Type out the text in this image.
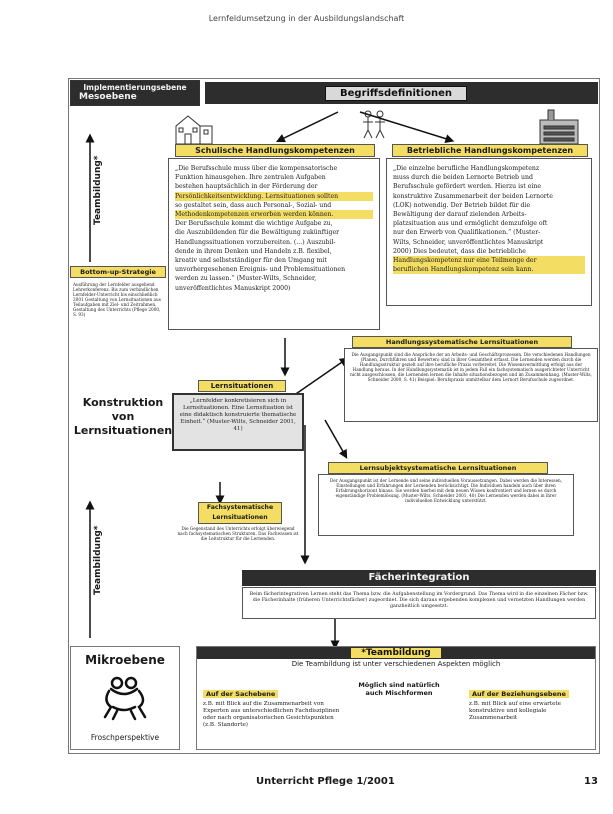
Lernfeldumsetzung in der Ausbildungslandschaft
Implementierungsebene
Mesoebene	Begriffsdefinitionen
Teambildung*
Schulische Handlungskompetenzen
„Die Berufsschule muss über die kompensatorische
Funktion hinausgehen. Ihre zentralen Aufgaben
bestehen hauptsächlich in der Förderung der
Persönlichkeitsentwicklung. Lernsituationen sollten
so gestaltet sein, dass auch Personal-, Sozial- und
Methodenkompetenzen erworben werden können.
Der Berufsschule kommt die wichtige Aufgabe zu,
die Auszubildenden für die Bewältigung zukünftiger
Handlungssituationen vorzubereiten. (...) Auszubil-
dende in ihrem Denken und Handeln z.B. flexibel,
kreativ und selbstständiger für den Umgang mit
unvorhergesehenen Ereignis- und Problemsituationen
werden zu lassen.“ (Muster-Wilts, Schneider,
unveröffentlichtes Manuskript 2000)
Betriebliche Handlungskompetenzen
„Die einzelne berufliche Handlungskompetenz
muss durch die beiden Lernorte Betrieb und
Berufsschule gefördert werden. Hierzu ist eine
konstruktive Zusammenarbeit der beiden Lernorte
(LOK) notwendig. Der Betrieb bildet für die
Bewältigung der darauf zielenden Arbeits-
platzsituation aus und ermöglicht demzufolge oft
nur den Erwerb von Qualifikationen.“ (Muster-
Wilts, Schneider, unveröffentlichtes Manuskript
2000) Dies bedeutet, dass die betriebliche
Handlungskompetenz nur eine Teilmenge der
beruflichen Handlungskompetenz sein kann.
Bottom-up-Strategie
Ausführung der Lernfelder ausgehend Lehrerkonferenz. Bis zum verbindlichen Lernfelder-Unterricht bis einschließlich 2001 Gestaltung von Lernsituationen aus Teilaufgaben mit Ziel- und Zeitrahmen, Gestaltung des Unterrichts (Pflege 2000, S. 93)
Konstruktion
von
Lernsituationen
Handlungssystematische Lernsituationen
Die Ausgangspunkt sind die Ansprüche der an Arbeits- und Geschäftsprozessen. Die verschiedenen Handlungen (Planen, Durchführen und Bewerten) sind in ihrer Gesamtheit erfasst. Die Lernenden werden durch die Handlungsstruktur gezielt auf ihre berufliche Praxis vorbereitet. Die Wissensvermittlung erfolgt aus der Handlung heraus. In der Handlungssystematik ist in jedem Fall ein fachsystematisch ausgerichteter Unterricht nicht ausgeschlossen, die Lernenden lernen die Inhalte situationsbezogen und im Zusammenhang. (Muster-Wilts, Schneider 2000, S. 41) Beispiel: Berufspraxis unmittelbar dem Lernort Berufsschule zugeordnet.
Lernsituationen
„Lernfelder konkretisieren sich in Lernsituationen. Eine Lernsituation ist eine didaktisch konstruierte thematische Einheit.“ (Muster-Wilts, Schneider 2001, 41)
Lernsubjektsystematische Lernsituationen
Der Ausgangspunkt ist der Lernende und seine individuellen Voraussetzungen. Dabei werden die Interessen, Einstellungen und Erfahrungen der Lernenden berücksichtigt. Die Individuen handeln auch über ihren Erfahrungshorizont hinaus. Sie werden hierbei mit dem neuen Wissen konfrontiert und lernen es durch eigenständige Problemlösung. (Muster-Wilts, Schneider 2001, 40) Die Lernenden werden dabei in ihrer individuellen Entwicklung unterstützt.
Fachsystematische Lernsituationen
Die Gegenstand des Unterrichts erfolgt überwiegend nach fachsystematischen Strukturen. Das Fachwissen ist die Leitstruktur für die Lernenden.
Teambildung*	Fächerintegration
Beim fächerintegrativen Lernen steht das Thema bzw. die Aufgabenstellung im Vordergrund. Das Thema wird in die einzelnen Fächer bzw. die Fächerinhalte (früheren Unterrichtsfächer) zugeordnet. Die sich daraus ergebenden komplexen und vernetzten Handlungen werden ganzheitlich umgesetzt.
Mikroebene
Froschperspektive
*Teambildung
Die Teambildung ist unter verschiedenen Aspekten möglich
Auf der Sachebene
z.B. mit Blick auf die Zusammenarbeit von Experten aus unterschiedlichen Fachdisziplinen oder nach organisatorischen Gesichtspunkten (z.B. Standorte)
Möglich sind natürlich auch Mischformen	Auf der Beziehungsebene
z.B. mit Blick auf eine erwartete konstruktive und kollegiale Zusammenarbeit
Unterricht Pflege 1/2001	13
